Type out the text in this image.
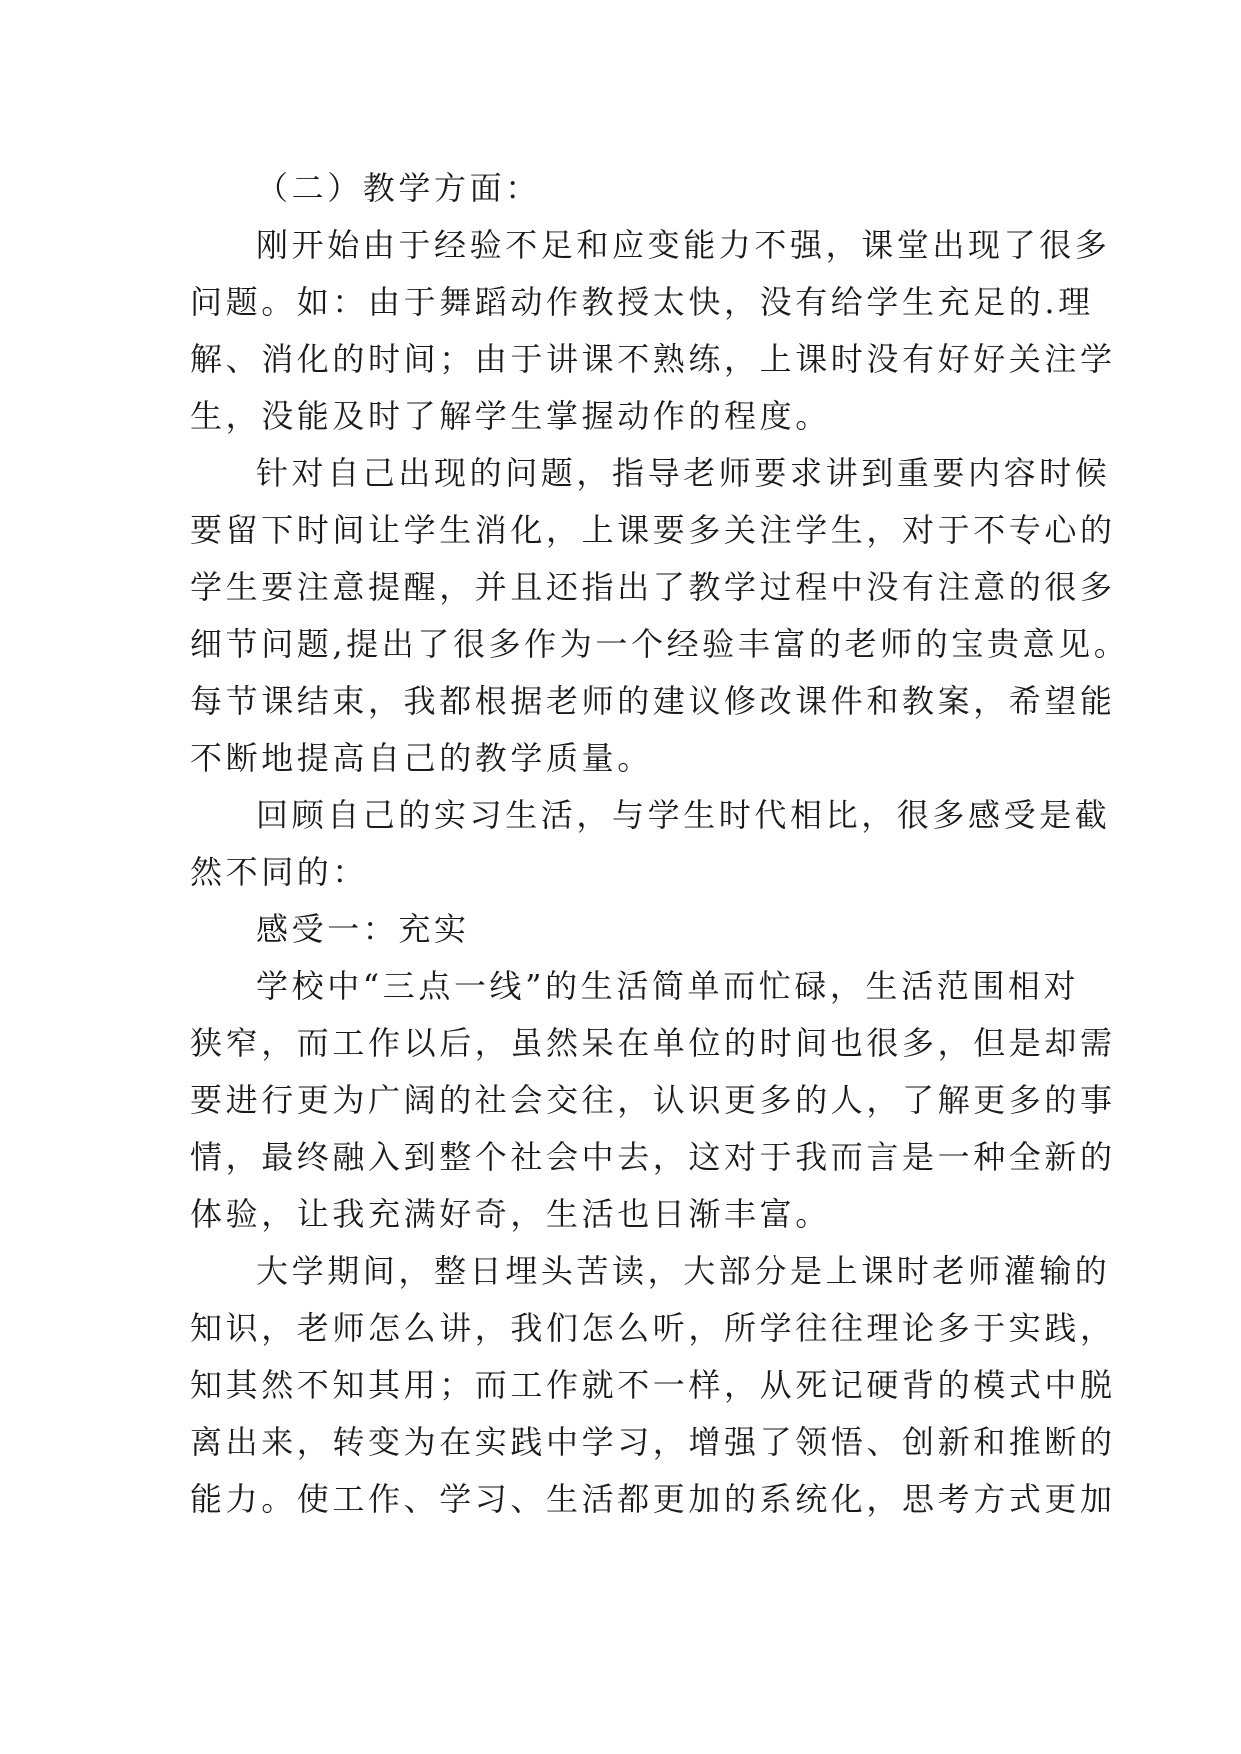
（二）教学方面：
刚开始由于经验不足和应变能力不强，课堂出现了很多
问题。如：由于舞蹈动作教授太快，没有给学生充足的.理
解、消化的时间；由于讲课不熟练，上课时没有好好关注学
生，没能及时了解学生掌握动作的程度。
针对自己出现的问题，指导老师要求讲到重要内容时候
要留下时间让学生消化，上课要多关注学生，对于不专心的
学生要注意提醒，并且还指出了教学过程中没有注意的很多
细节问题,提出了很多作为一个经验丰富的老师的宝贵意见。
每节课结束，我都根据老师的建议修改课件和教案，希望能
不断地提高自己的教学质量。
回顾自己的实习生活，与学生时代相比，很多感受是截
然不同的：
感受一：充实
学校中“三点一线”的生活简单而忙碌，生活范围相对
狭窄，而工作以后，虽然呆在单位的时间也很多，但是却需
要进行更为广阔的社会交往，认识更多的人，了解更多的事
情，最终融入到整个社会中去，这对于我而言是一种全新的
体验，让我充满好奇，生活也日渐丰富。
大学期间，整日埋头苦读，大部分是上课时老师灌输的
知识，老师怎么讲，我们怎么听，所学往往理论多于实践，
知其然不知其用；而工作就不一样，从死记硬背的模式中脱
离出来，转变为在实践中学习，增强了领悟、创新和推断的
能力。使工作、学习、生活都更加的系统化，思考方式更加
